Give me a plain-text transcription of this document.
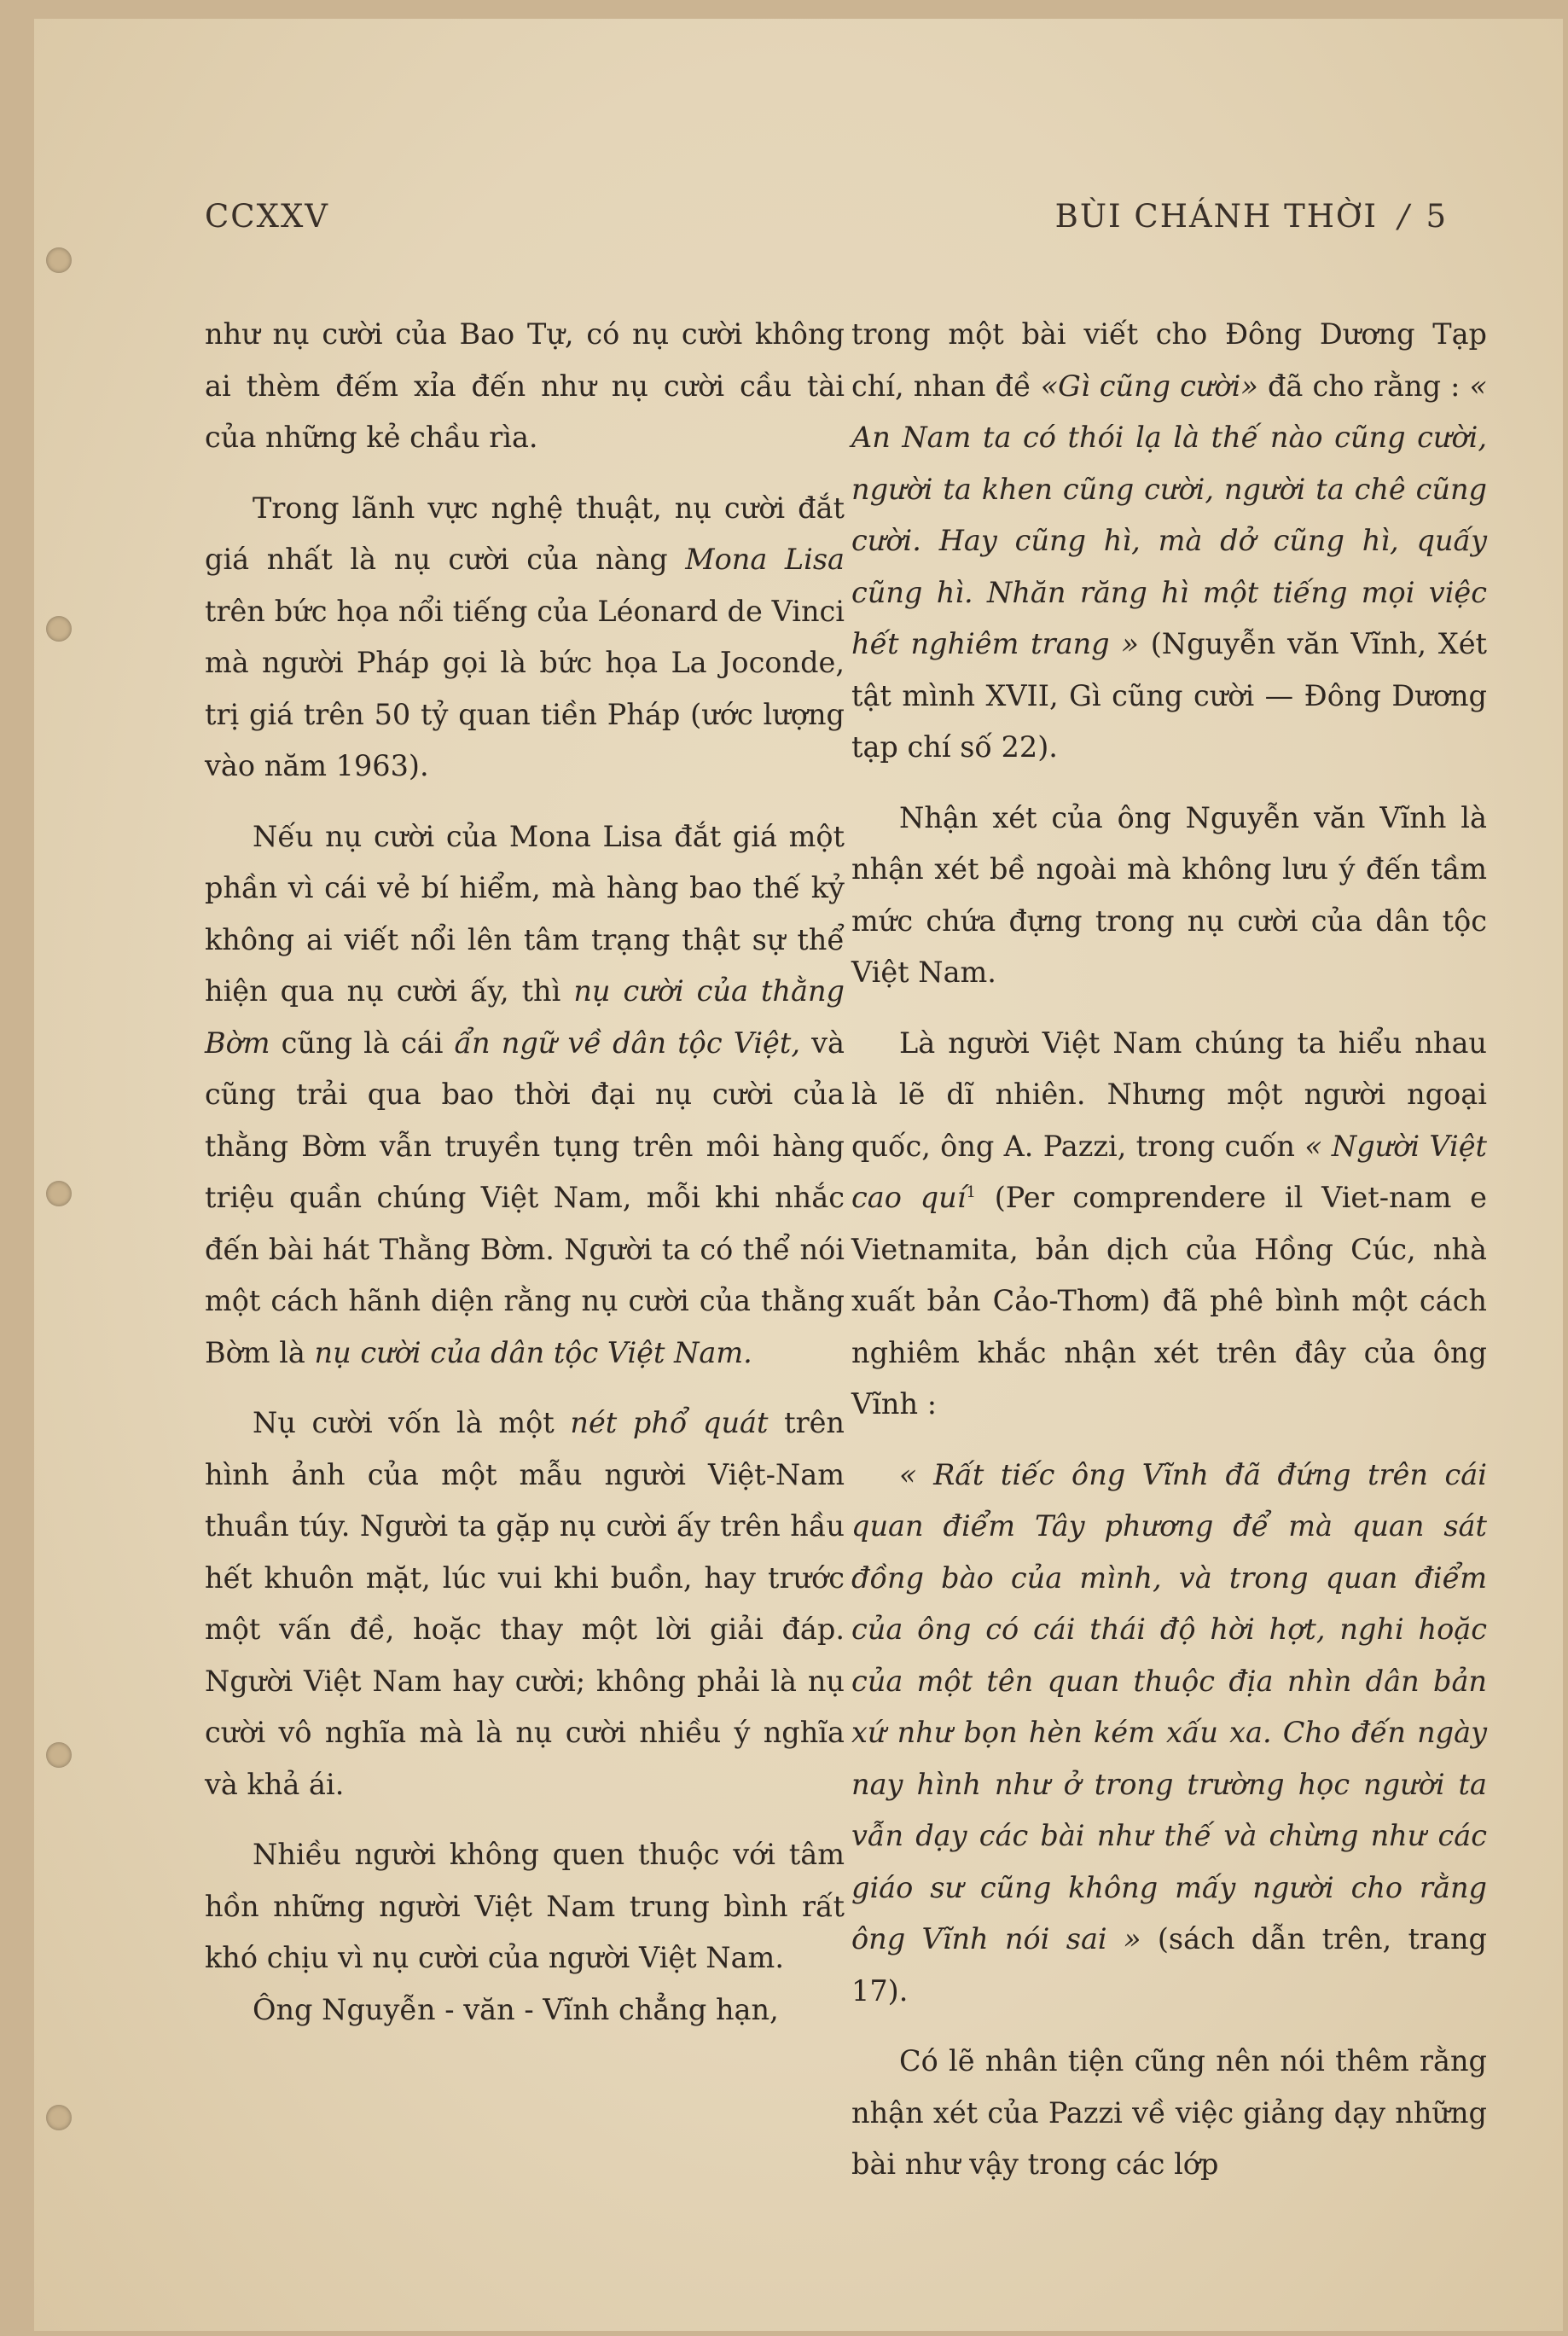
CCXXV	BÙI CHÁNH THỜI / 5

như nụ cười của Bao Tự, có nụ cười không ai thèm đếm xỉa đến như nụ cười cầu tài của những kẻ chầu rìa.

Trong lãnh vực nghệ thuật, nụ cười đắt giá nhất là nụ cười của nàng Mona Lisa trên bức họa nổi tiếng của Léonard de Vinci mà người Pháp gọi là bức họa La Joconde, trị giá trên 50 tỷ quan tiền Pháp (ước lượng vào năm 1963).

Nếu nụ cười của Mona Lisa đắt giá một phần vì cái vẻ bí hiểm, mà hàng bao thế kỷ không ai viết nổi lên tâm trạng thật sự thể hiện qua nụ cười ấy, thì nụ cười của thằng Bờm cũng là cái ẩn ngữ về dân tộc Việt, và cũng trải qua bao thời đại nụ cười của thằng Bờm vẫn truyền tụng trên môi hàng triệu quần chúng Việt Nam, mỗi khi nhắc đến bài hát Thằng Bờm. Người ta có thể nói một cách hãnh diện rằng nụ cười của thằng Bờm là nụ cười của dân tộc Việt Nam.

Nụ cười vốn là một nét phổ quát trên hình ảnh của một mẫu người Việt-Nam thuần túy. Người ta gặp nụ cười ấy trên hầu hết khuôn mặt, lúc vui khi buồn, hay trước một vấn đề, hoặc thay một lời giải đáp. Người Việt Nam hay cười; không phải là nụ cười vô nghĩa mà là nụ cười nhiều ý nghĩa và khả ái.

Nhiều người không quen thuộc với tâm hồn những người Việt Nam trung bình rất khó chịu vì nụ cười của người Việt Nam.

Ông Nguyễn - văn - Vĩnh chẳng hạn,

trong một bài viết cho Đông Dương Tạp chí, nhan đề «Gì cũng cười» đã cho rằng : « An Nam ta có thói lạ là thế nào cũng cười, người ta khen cũng cười, người ta chê cũng cười. Hay cũng hì, mà dở cũng hì, quấy cũng hì. Nhăn răng hì một tiếng mọi việc hết nghiêm trang » (Nguyễn văn Vĩnh, Xét tật mình XVII, Gì cũng cười — Đông Dương tạp chí số 22).

Nhận xét của ông Nguyễn văn Vĩnh là nhận xét bề ngoài mà không lưu ý đến tầm mức chứa đựng trong nụ cười của dân tộc Việt Nam.

Là người Việt Nam chúng ta hiểu nhau là lẽ dĩ nhiên. Nhưng một người ngoại quốc, ông A. Pazzi, trong cuốn « Người Việt cao quí$^1$ (Per comprendere il Viet-nam e Vietnamita, bản dịch của Hồng Cúc, nhà xuất bản Cảo-Thơm) đã phê bình một cách nghiêm khắc nhận xét trên đây của ông Vĩnh :

« Rất tiếc ông Vĩnh đã đứng trên cái quan điểm Tây phương để mà quan sát đồng bào của mình, và trong quan điểm của ông có cái thái độ hời hợt, nghi hoặc của một tên quan thuộc địa nhìn dân bản xứ như bọn hèn kém xấu xa. Cho đến ngày nay hình như ở trong trường học người ta vẫn dạy các bài như thế và chừng như các giáo sư cũng không mấy người cho rằng ông Vĩnh nói sai » (sách dẫn trên, trang 17).

Có lẽ nhân tiện cũng nên nói thêm rằng nhận xét của Pazzi về việc giảng dạy những bài như vậy trong các lớp
